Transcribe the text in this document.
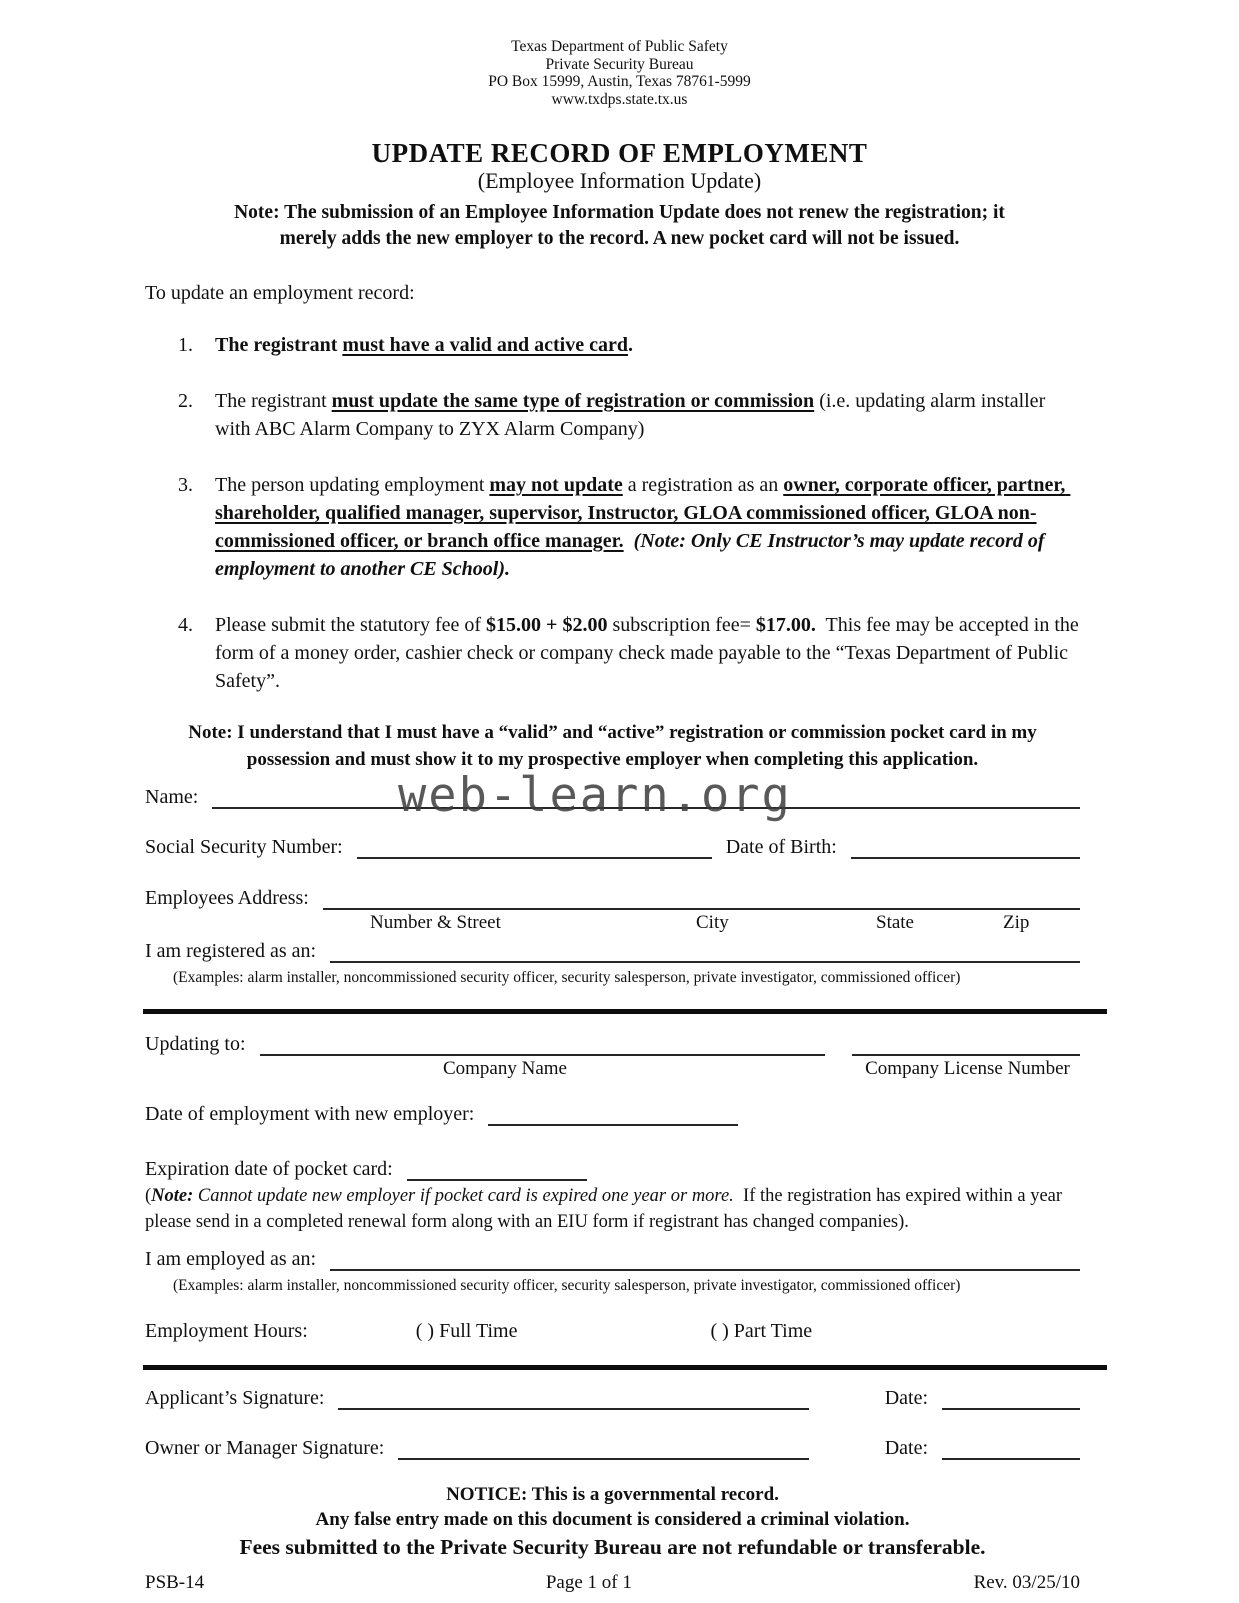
Texas Department of Public Safety
Private Security Bureau
PO Box 15999, Austin, Texas 78761-5999
www.txdps.state.tx.us
UPDATE RECORD OF EMPLOYMENT
(Employee Information Update)
Note: The submission of an Employee Information Update does not renew the registration; it
merely adds the new employer to the record. A new pocket card will not be issued.
To update an employment record:
1. The registrant must have a valid and active card.
2. The registrant must update the same type of registration or commission (i.e. updating alarm installer with ABC Alarm Company to ZYX Alarm Company)
3. The person updating employment may not update a registration as an owner, corporate officer, partner, shareholder, qualified manager, supervisor, Instructor, GLOA commissioned officer, GLOA non-commissioned officer, or branch office manager. (Note: Only CE Instructor’s may update record of employment to another CE School).
4. Please submit the statutory fee of $15.00 + $2.00 subscription fee= $17.00.  This fee may be accepted in the form of a money order, cashier check or company check made payable to the “Texas Department of Public Safety”.
Note: I understand that I must have a “valid” and “active” registration or commission pocket card in my
possession and must show it to my prospective employer when completing this application.
Name:
Social Security Number:	Date of Birth:
Employees Address:
Number & Street	City	State	Zip
I am registered as an:
(Examples: alarm installer, noncommissioned security officer, security salesperson, private investigator, commissioned officer)
Updating to:
Company Name	Company License Number
Date of employment with new employer:
Expiration date of pocket card:
(Note: Cannot update new employer if pocket card is expired one year or more.  If the registration has expired within a year please send in a completed renewal form along with an EIU form if registrant has changed companies).
I am employed as an:
(Examples: alarm installer, noncommissioned security officer, security salesperson, private investigator, commissioned officer)
Employment Hours:	( ) Full Time	( ) Part Time
Applicant’s Signature:	Date:
Owner or Manager Signature:	Date:
NOTICE: This is a governmental record.
Any false entry made on this document is considered a criminal violation.
Fees submitted to the Private Security Bureau are not refundable or transferable.
PSB-14	Page 1 of 1	Rev. 03/25/10
web-learn.org
